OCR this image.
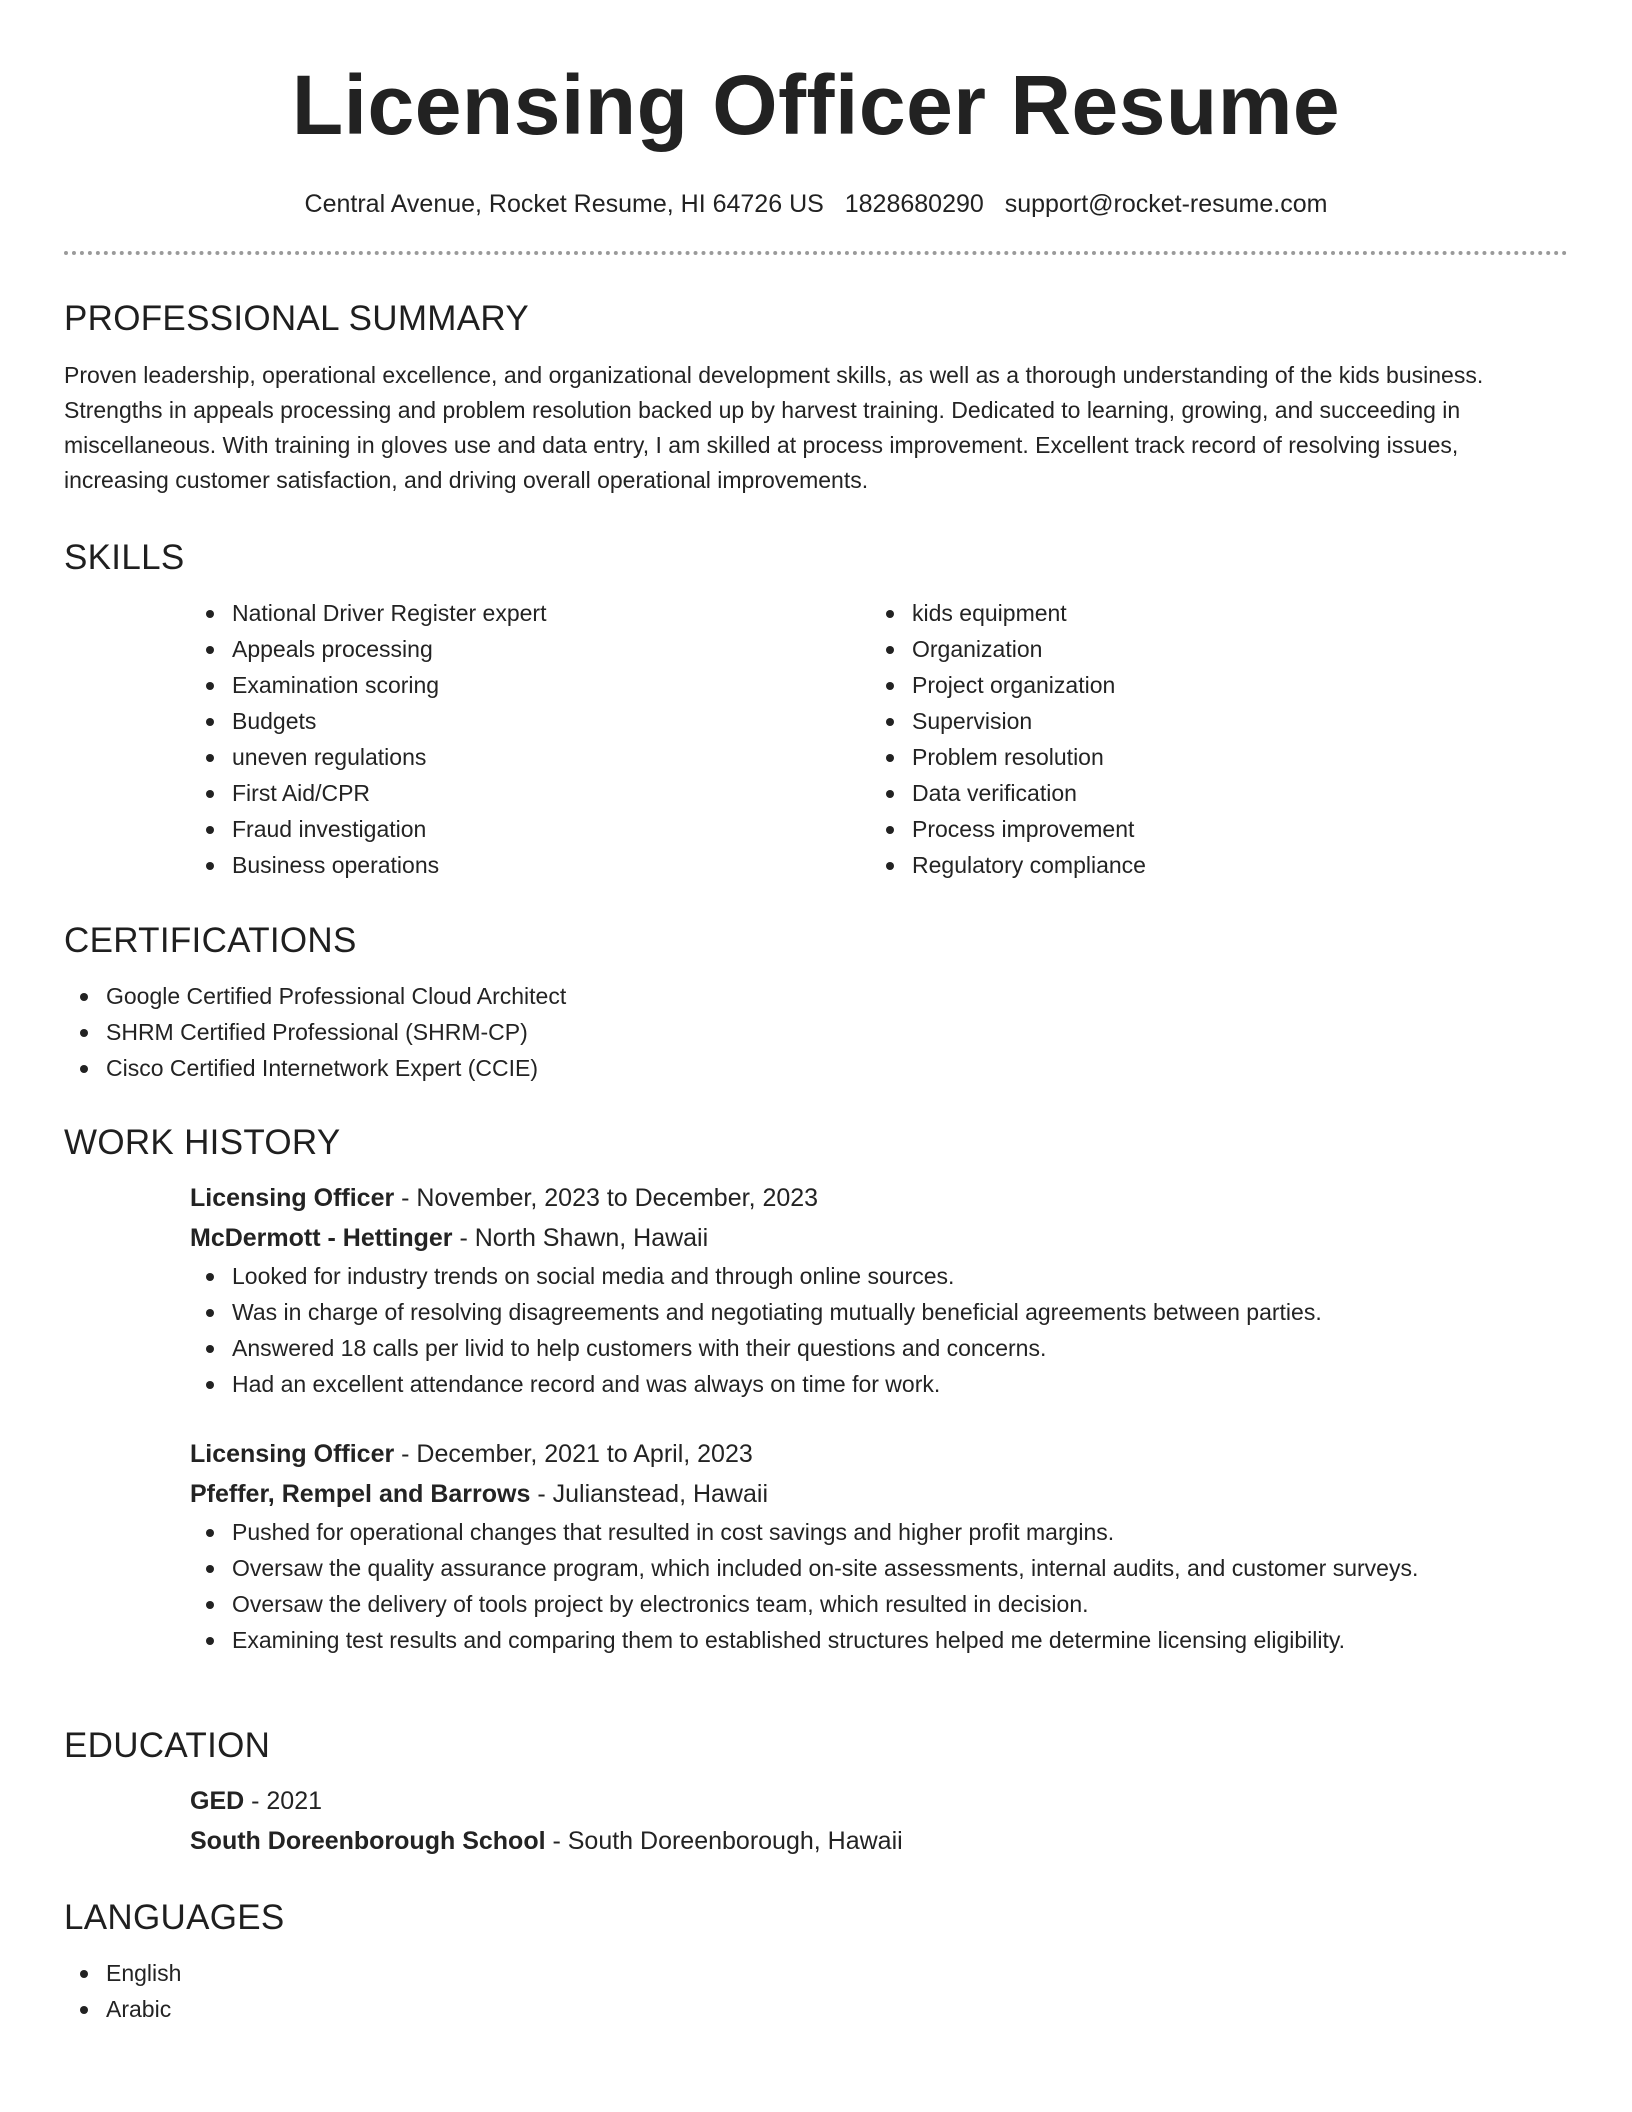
Licensing Officer Resume
Central Avenue, Rocket Resume, HI 64726 US 1828680290 support@rocket-resume.com
PROFESSIONAL SUMMARY

Proven leadership, operational excellence, and organizational development skills, as well as a thorough understanding of the kids business. Strengths in appeals processing and problem resolution backed up by harvest training. Dedicated to learning, growing, and succeeding in miscellaneous. With training in gloves use and data entry, I am skilled at process improvement. Excellent track record of resolving issues, increasing customer satisfaction, and driving overall operational improvements.

SKILLS
National Driver Register expert
Appeals processing
Examination scoring
Budgets
uneven regulations
First Aid/CPR
Fraud investigation
Business operations
kids equipment
Organization
Project organization
Supervision
Problem resolution
Data verification
Process improvement
Regulatory compliance
CERTIFICATIONS
Google Certified Professional Cloud Architect
SHRM Certified Professional (SHRM-CP)
Cisco Certified Internetwork Expert (CCIE)
WORK HISTORY
Licensing Officer - November, 2023 to December, 2023
McDermott - Hettinger - North Shawn, Hawaii
Looked for industry trends on social media and through online sources.
Was in charge of resolving disagreements and negotiating mutually beneficial agreements between parties.
Answered 18 calls per livid to help customers with their questions and concerns.
Had an excellent attendance record and was always on time for work.
Licensing Officer - December, 2021 to April, 2023
Pfeffer, Rempel and Barrows - Julianstead, Hawaii
Pushed for operational changes that resulted in cost savings and higher profit margins.
Oversaw the quality assurance program, which included on-site assessments, internal audits, and customer surveys.
Oversaw the delivery of tools project by electronics team, which resulted in decision.
Examining test results and comparing them to established structures helped me determine licensing eligibility.
EDUCATION
GED - 2021
South Doreenborough School - South Doreenborough, Hawaii
LANGUAGES
English
Arabic
